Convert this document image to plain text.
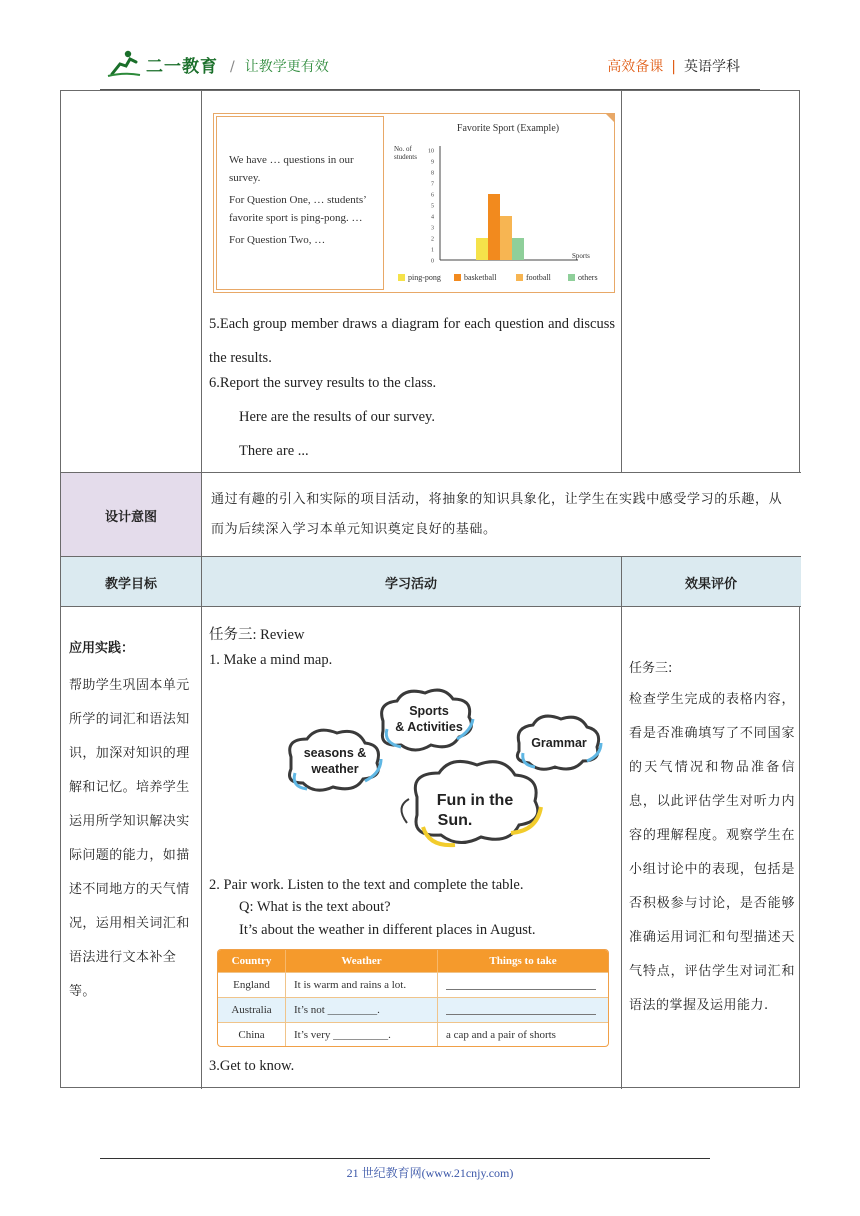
二一教育 / 让教学更有效	高效备课 | 英语学科

We have … questions in our survey.

For Question One, … students’ favorite sport is ping-pong. …

For Question Two, …

Favorite Sport (Example)
No. of
students
Sports
0
1
2
3
4
5
6
7
8
9
10
ping-pong	basketball	football	others
5.Each group member draws a diagram for each question and discuss the results.
6.Report the survey results to the class.
Here are the results of our survey.
There are ...
设计意图
通过有趣的引入和实际的项目活动，将抽象的知识具象化，让学生在实践中感受学习的乐趣，从而为后续深入学习本单元知识奠定良好的基础。
教学目标	学习活动	效果评价
应用实践：
帮助学生巩固本单元所学的词汇和语法知识，加深对知识的理解和记忆。培养学生运用所学知识解决实际问题的能力，如描述不同地方的天气情况，运用相关词汇和语法进行文本补全等。
任务三: Review
1. Make a mind map.
Sports
& Activities
seasons &
weather
Grammar
Fun in the
Sun.
2. Pair work. Listen to the text and complete the table.
Q: What is the text about?
It’s about the weather in different places in August.
Country	Weather	Things to take
England	It is warm and rains a lot.
Australia	It’s not _________.
China	It’s very __________.	a cap and a pair of shorts
3.Get to know.
任务三:
检查学生完成的表格内容，看是否准确填写了不同国家的天气情况和物品准备信息，以此评估学生对听力内容的理解程度。观察学生在小组讨论中的表现，包括是否积极参与讨论，是否能够准确运用词汇和句型描述天气特点，评估学生对词汇和语法的掌握及运用能力.
21 世纪教育网(www.21cnjy.com)
